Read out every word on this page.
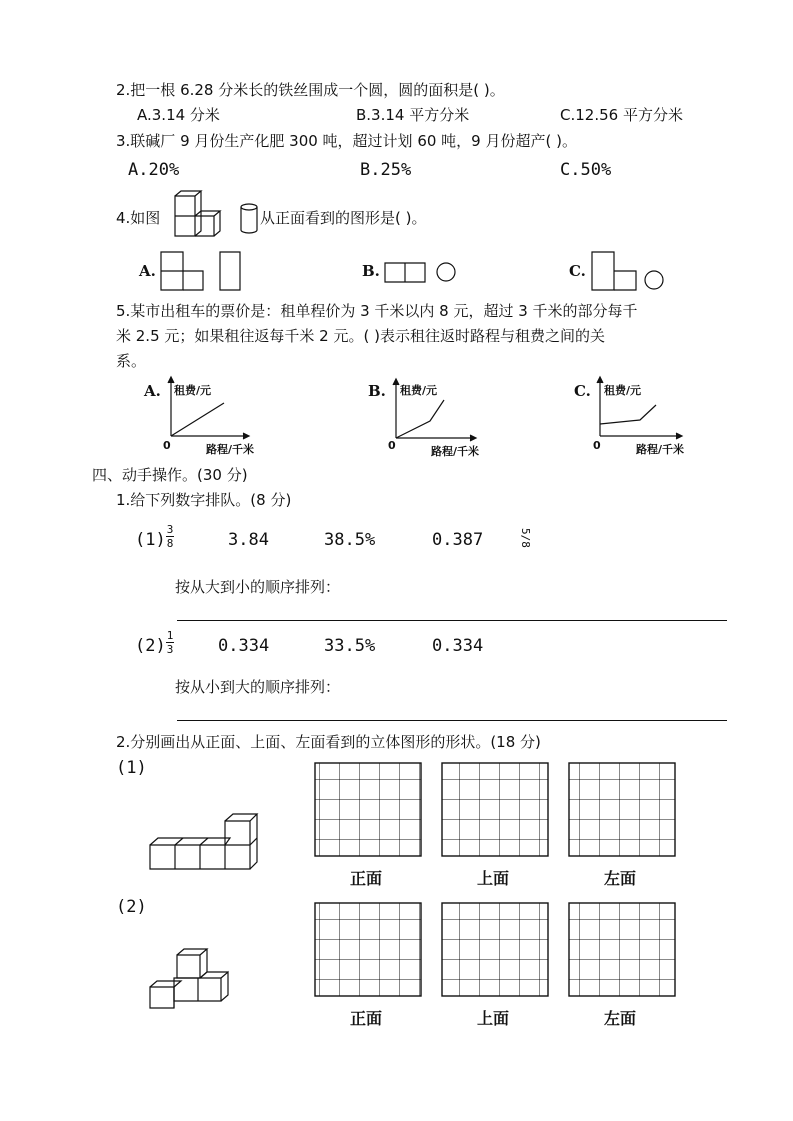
2.把一根 6.28 分米长的铁丝围成一个圆，圆的面积是( )。
A.3.14 分米	B.3.14 平方分米	C.12.56 平方分米
3.联碱厂 9 月份生产化肥 300 吨，超过计划 60 吨，9 月份超产( )。
A.20%	B.25%	C.50%
4.如图	从正面看到的图形是( )。
A.	B.	C.
5.某市出租车的票价是：租单程价为 3 千米以内 8 元，超过 3 千米的部分每千
米 2.5 元；如果租往返每千米 2 元。( )表示租往返时路程与租费之间的关
系。
A.	B.	C.
租费/元	租费/元	租费/元
0	0	0
路程/千米	路程/千米	路程/千米
四、动手操作。(30 分)
1.给下列数字排队。(8 分)
(1)
3
8	3.84	38.5%	0.387	5/8
按从大到小的顺序排列：
(2)
1
3	0.334	33.5%	0.334
按从小到大的顺序排列：
2.分别画出从正面、上面、左面看到的立体图形的形状。(18 分)
(1)
(2)
正面	上面	左面
正面	上面	左面
